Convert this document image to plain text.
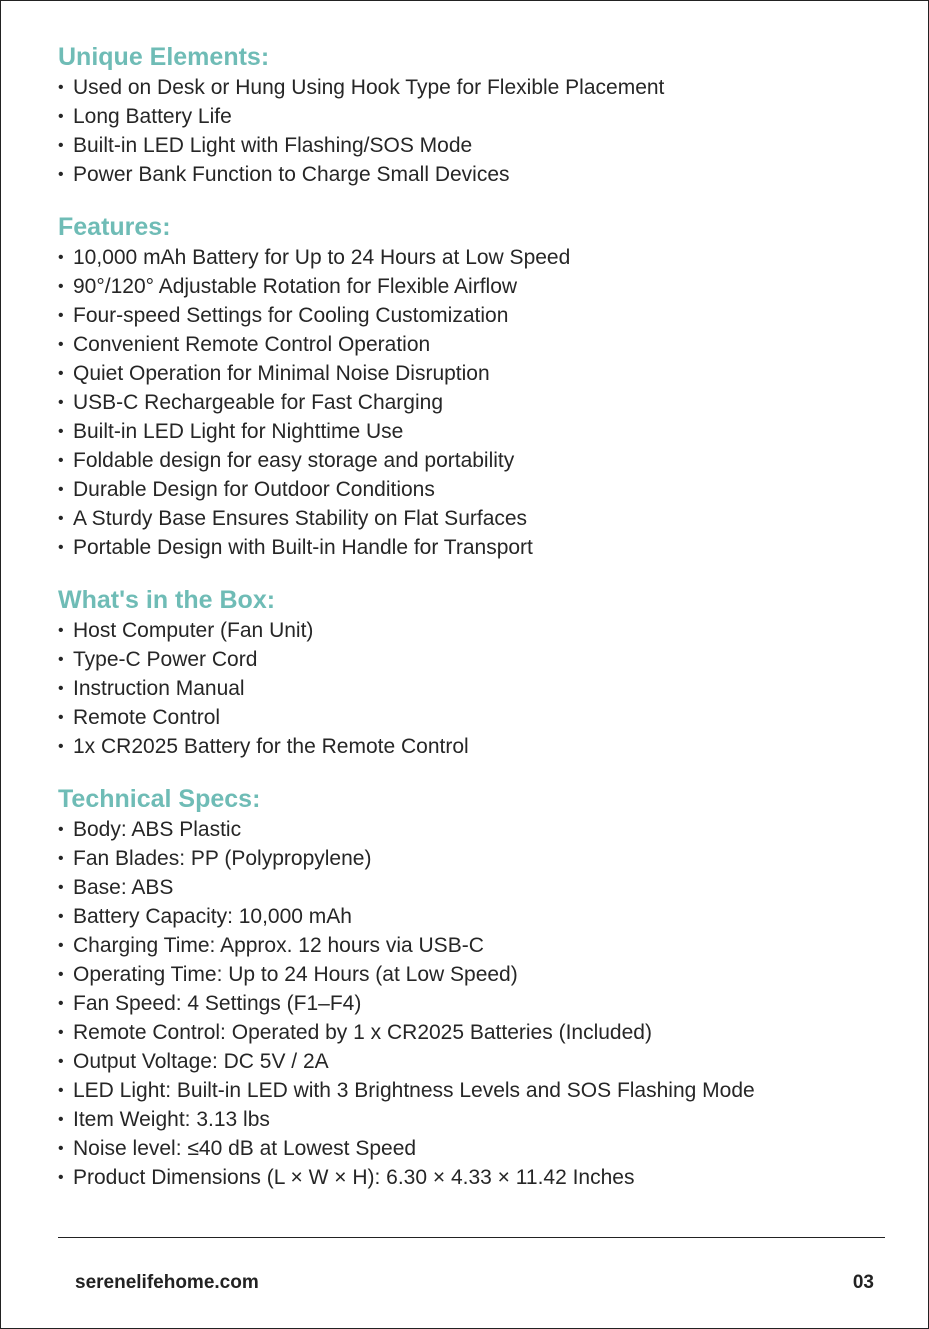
Unique Elements:
• Used on Desk or Hung Using Hook Type for Flexible Placement
• Long Battery Life
• Built-in LED Light with Flashing/SOS Mode
• Power Bank Function to Charge Small Devices
Features:
• 10,000 mAh Battery for Up to 24 Hours at Low Speed
• 90°/120° Adjustable Rotation for Flexible Airflow
• Four-speed Settings for Cooling Customization
• Convenient Remote Control Operation
• Quiet Operation for Minimal Noise Disruption
• USB-C Rechargeable for Fast Charging
• Built-in LED Light for Nighttime Use
• Foldable design for easy storage and portability
• Durable Design for Outdoor Conditions
• A Sturdy Base Ensures Stability on Flat Surfaces
• Portable Design with Built-in Handle for Transport
What's in the Box:
• Host Computer (Fan Unit)
• Type-C Power Cord
• Instruction Manual
• Remote Control
• 1x CR2025 Battery for the Remote Control
Technical Specs:
• Body: ABS Plastic
• Fan Blades: PP (Polypropylene)
• Base: ABS
• Battery Capacity: 10,000 mAh
• Charging Time: Approx. 12 hours via USB-C
• Operating Time: Up to 24 Hours (at Low Speed)
• Fan Speed: 4 Settings (F1–F4)
• Remote Control: Operated by 1 x CR2025 Batteries (Included)
• Output Voltage: DC 5V / 2A
• LED Light: Built-in LED with 3 Brightness Levels and SOS Flashing Mode
• Item Weight: 3.13 lbs
• Noise level: ≤40 dB at Lowest Speed
• Product Dimensions (L × W × H): 6.30 × 4.33 × 11.42 Inches
serenelifehome.com	03
